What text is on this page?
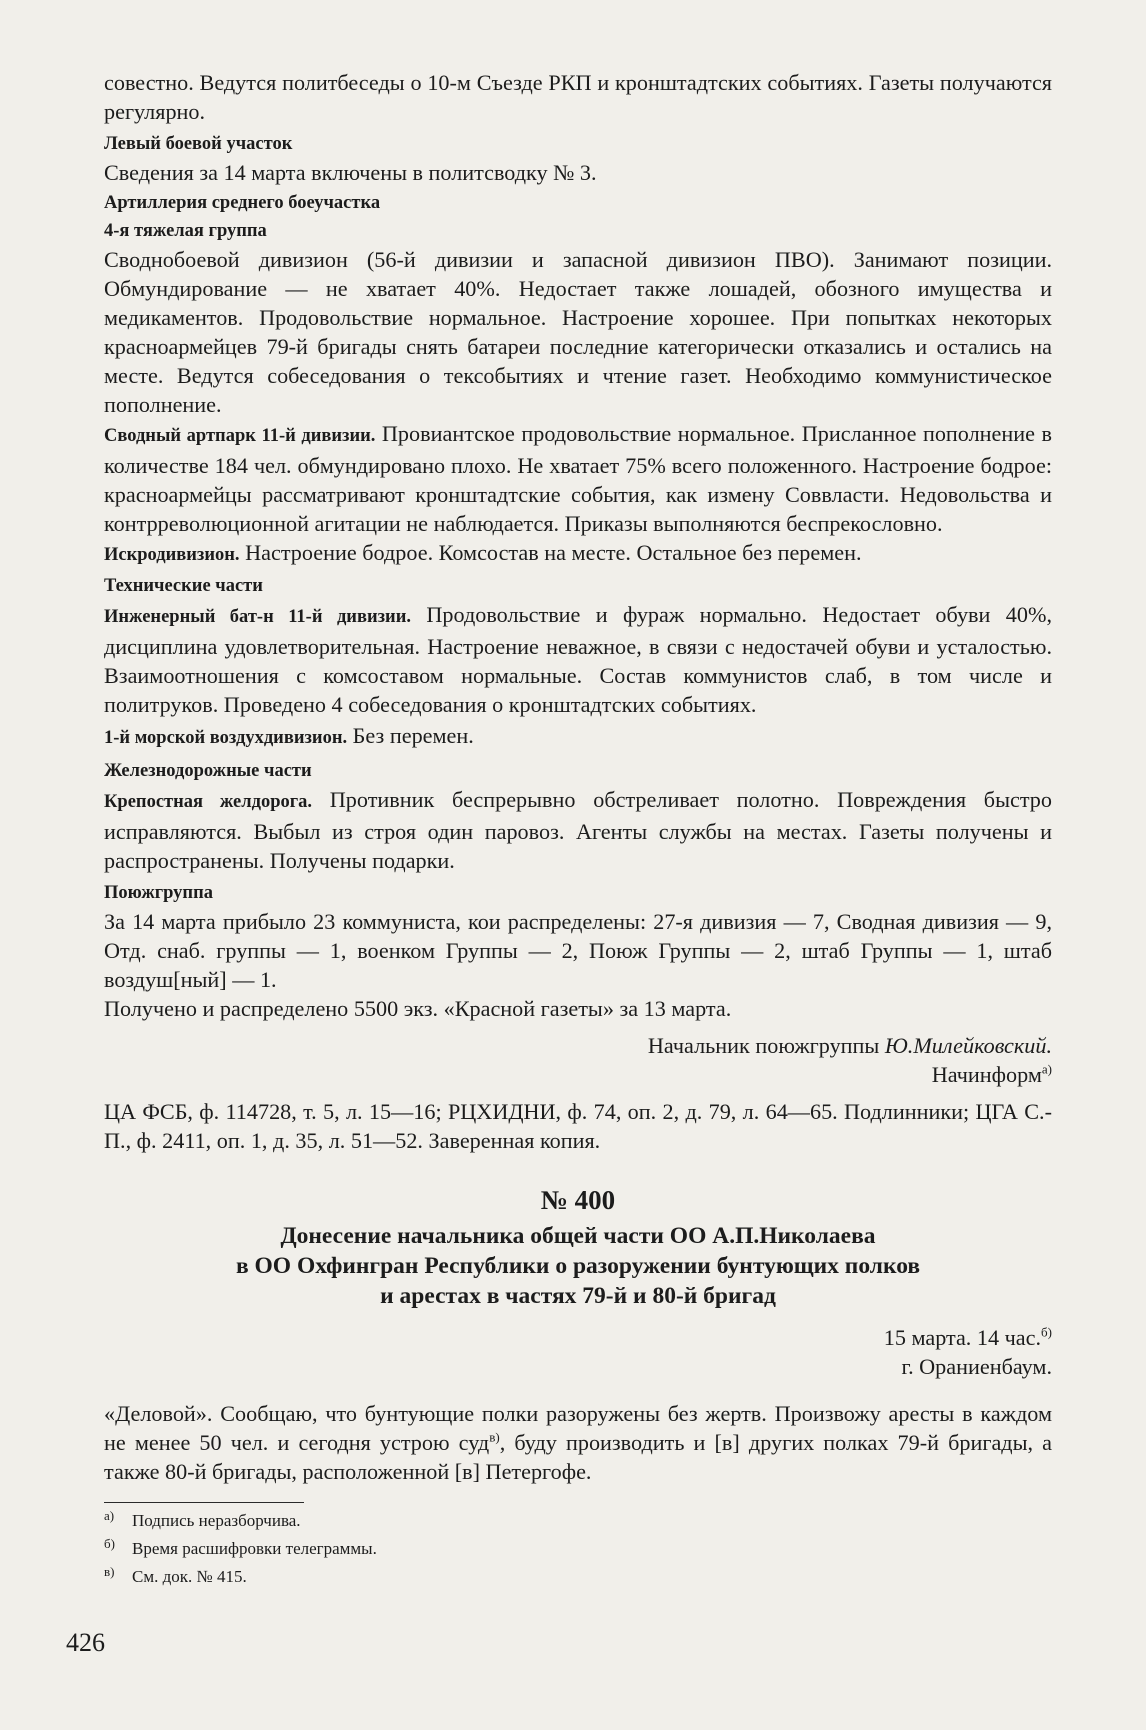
совестно. Ведутся политбеседы о 10-м Съезде РКП и кронштадтских событиях. Газеты получаются регулярно.

Левый боевой участок

Сведения за 14 марта включены в политсводку № 3.

Артиллерия среднего боеучастка
4-я тяжелая группа

Своднобоевой дивизион (56-й дивизии и запасной дивизион ПВО). Занимают позиции. Обмундирование — не хватает 40%. Недостает также лошадей, обозного имущества и медикаментов. Продовольствие нормальное. Настроение хорошее. При попытках некоторых красноармейцев 79-й бригады снять батареи последние категорически отказались и остались на месте. Ведутся собеседования о тексобытиях и чтение газет. Необходимо коммунистическое пополнение.

Сводный артпарк 11-й дивизии. Провиантское продовольствие нормальное. Присланное пополнение в количестве 184 чел. обмундировано плохо. Не хватает 75% всего положенного. Настроение бодрое: красноармейцы рассматривают кронштадтские события, как измену Соввласти. Недовольства и контрреволюционной агитации не наблюдается. Приказы выполняются беспрекословно.

Искродивизион. Настроение бодрое. Комсостав на месте. Остальное без перемен.

Технические части

Инженерный бат-н 11-й дивизии. Продовольствие и фураж нормально. Недостает обуви 40%, дисциплина удовлетворительная. Настроение неважное, в связи с недостачей обуви и усталостью. Взаимоотношения с комсоставом нормальные. Состав коммунистов слаб, в том числе и политруков. Проведено 4 собеседования о кронштадтских событиях.

1-й морской воздухдивизион. Без перемен.

Железнодорожные части

Крепостная желдорога. Противник беспрерывно обстреливает полотно. Повреждения быстро исправляются. Выбыл из строя один паровоз. Агенты службы на местах. Газеты получены и распространены. Получены подарки.

Поюжгруппа

За 14 марта прибыло 23 коммуниста, кои распределены: 27-я дивизия — 7, Сводная дивизия — 9, Отд. снаб. группы — 1, военком Группы — 2, Поюж Группы — 2, штаб Группы — 1, штаб воздуш[ный] — 1.

Получено и распределено 5500 экз. «Красной газеты» за 13 марта.

Начальник поюжгруппы Ю.Милейковский.
Начинформ$^{а)}$

ЦА ФСБ, ф. 114728, т. 5, л. 15—16; РЦХИДНИ, ф. 74, оп. 2, д. 79, л. 64—65. Подлинники; ЦГА С.-П., ф. 2411, оп. 1, д. 35, л. 51—52. Заверенная копия.

№ 400
Донесение начальника общей части ОО А.П.Николаева
в ОО Охфингран Республики о разоружении бунтующих полков
и арестах в частях 79-й и 80-й бригад
15 марта. 14 час.$^{б)}$
г. Ораниенбаум.

«Деловой». Сообщаю, что бунтующие полки разоружены без жертв. Произвожу аресты в каждом не менее 50 чел. и сегодня устрою суд$^{в)}$, буду производить и [в] других полках 79-й бригады, а также 80-й бригады, расположенной [в] Петергофе.

а) Подпись неразборчива.
б) Время расшифровки телеграммы.
в) См. док. № 415.
426
